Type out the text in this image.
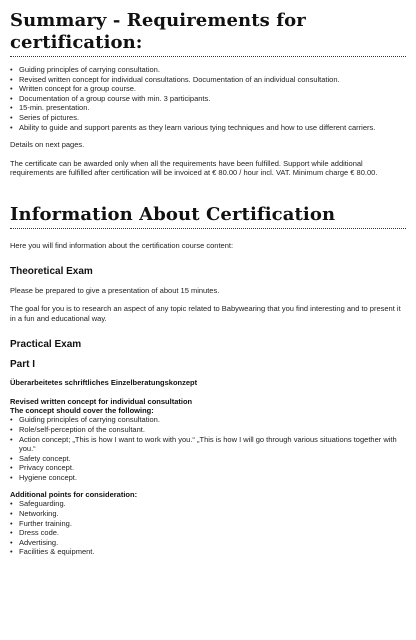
Summary - Requirements for certification:
• Guiding principles of carrying consultation.
• Revised written concept for individual consultations. Documentation of an individual consultation.
• Written concept for a group course.
• Documentation of a group course with min. 3 participants.
• 15-min. presentation.
• Series of pictures.
• Ability to guide and support parents as they learn various tying techniques and how to use different carriers.

Details on next pages.

The certificate can be awarded only when all the requirements have been fulfilled. Support while additional requirements are fulfilled after certification will be invoiced at € 80.00 / hour incl. VAT. Minimum charge € 80.00.

Information About Certification

Here you will find information about the certification course content:

Theoretical Exam

Please be prepared to give a presentation of about 15 minutes.

The goal for you is to research an aspect of any topic related to Babywearing that you find interesting and to present it in a fun and educational way.

Practical Exam
Part I
Überarbeitetes schriftliches Einzelberatungskonzept
Revised written concept for individual consultation
The concept should cover the following:
• Guiding principles of carrying consultation.
• Role/self-perception of the consultant.
• Action concept; „This is how I want to work with you.“ „This is how I will go through various situations together with you.“
• Safety concept.
• Privacy concept.
• Hygiene concept.
Additional points for consideration:
• Safeguarding.
• Networking.
• Further training.
• Dress code.
• Advertising.
• Facilities & equipment.
